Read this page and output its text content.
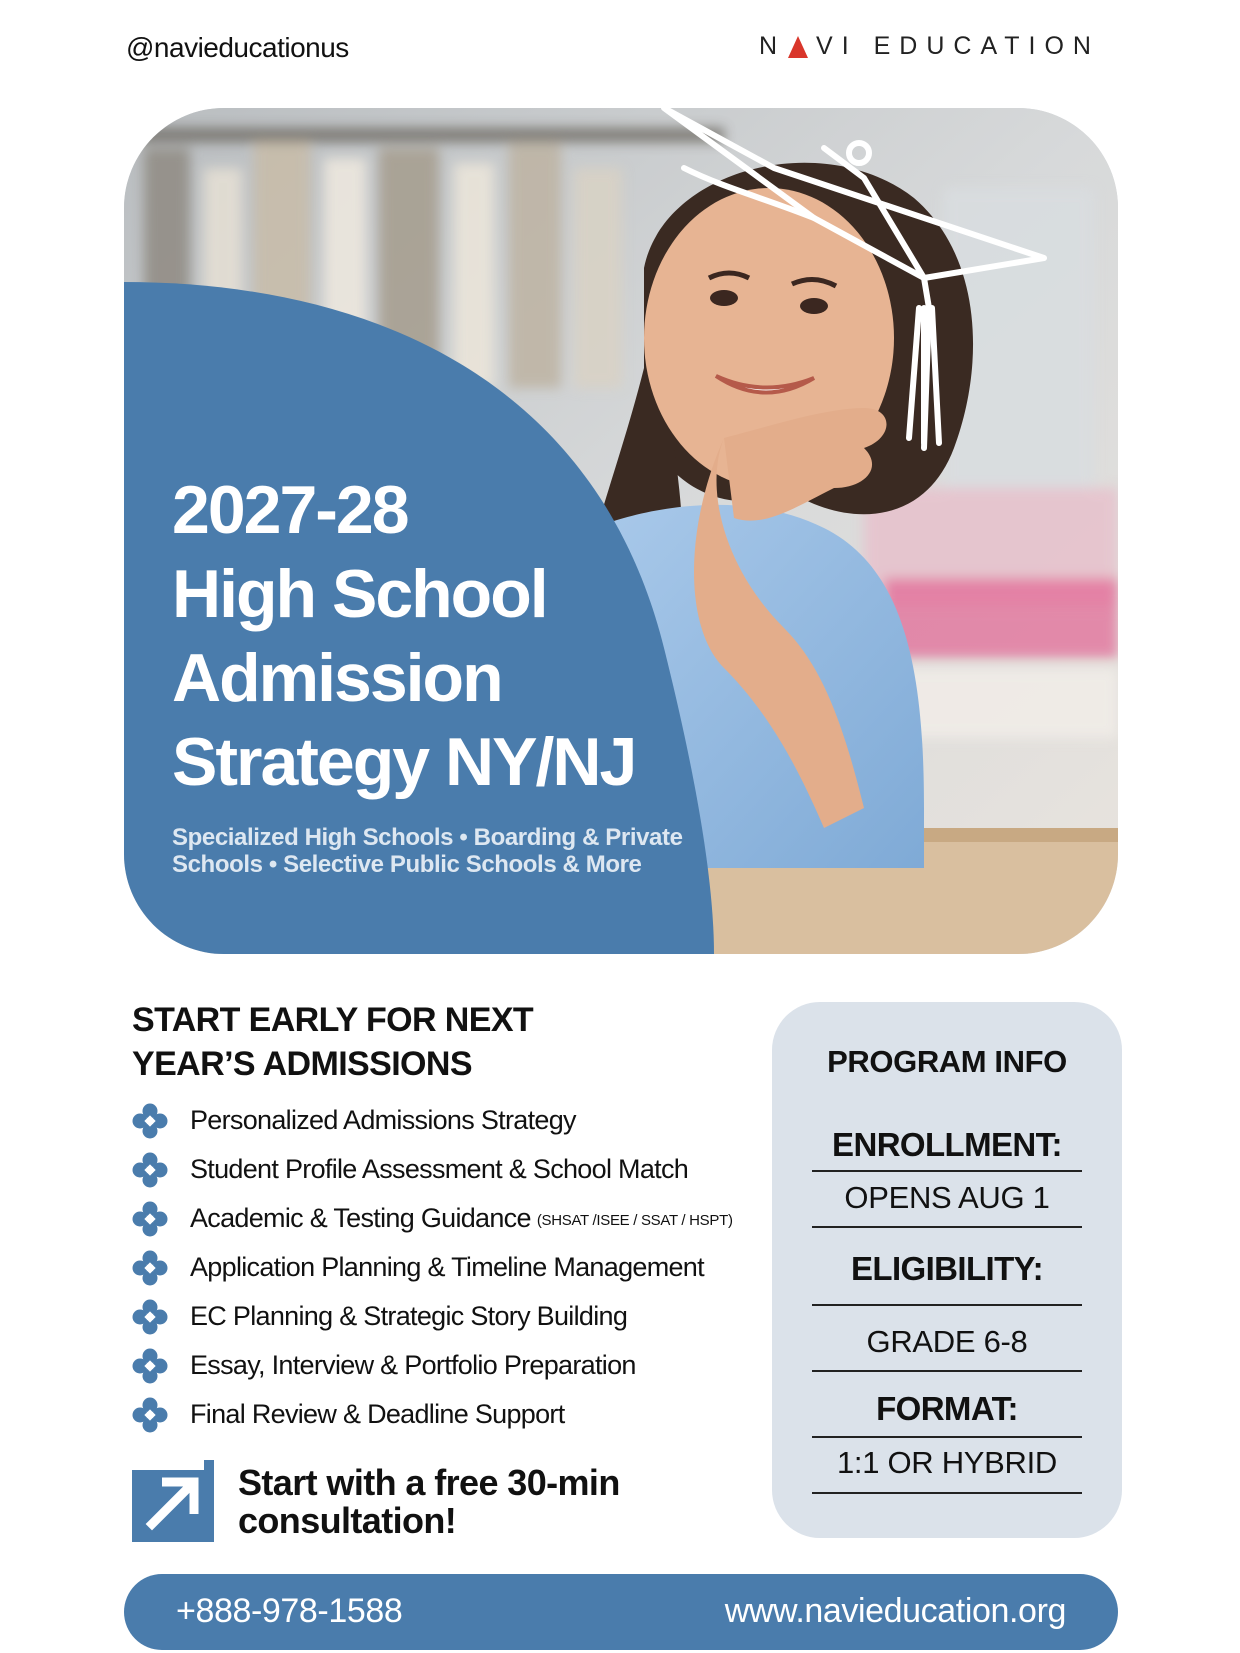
@navieducationus	N VI EDUCATION
2027-28
High School
Admission
Strategy NY/NJ
Specialized High Schools • Boarding & Private
Schools • Selective Public Schools & More
START EARLY FOR NEXT
YEAR’S ADMISSIONS
Personalized Admissions Strategy
Student Profile Assessment & School Match
Academic & Testing Guidance (SHSAT /ISEE / SSAT / HSPT)
Application Planning & Timeline Management
EC Planning & Strategic Story Building
Essay, Interview & Portfolio Preparation
Final Review & Deadline Support
Start with a free 30-min
consultation!
PROGRAM INFO
ENROLLMENT:
OPENS AUG 1
ELIGIBILITY:
GRADE 6-8
FORMAT:
1:1 OR HYBRID
+888-978-1588	www.navieducation.org
